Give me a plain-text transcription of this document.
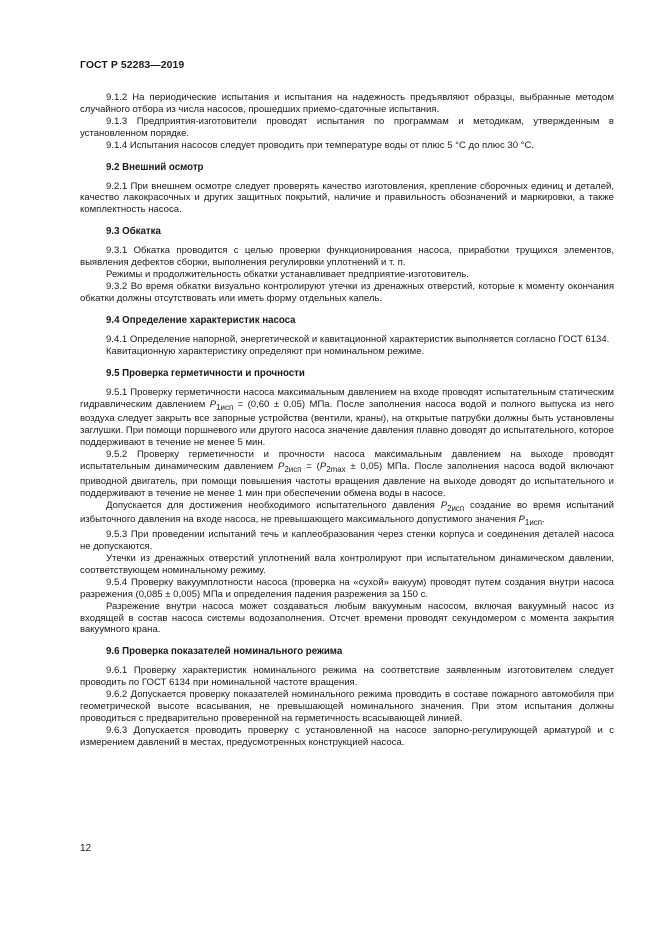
ГОСТ Р 52283—2019

9.1.2 На периодические испытания и испытания на надежность предъявляют образцы, выбранные методом случайного отбора из числа насосов, прошедших приемо-сдаточные испытания.

9.1.3 Предприятия-изготовители проводят испытания по программам и методикам, утвержденным в установленном порядке.

9.1.4 Испытания насосов следует проводить при температуре воды от плюс 5 °С до плюс 30 °С.

9.2 Внешний осмотр

9.2.1 При внешнем осмотре следует проверять качество изготовления, крепление сборочных единиц и деталей, качество лакокрасочных и других защитных покрытий, наличие и правильность обозначений и маркировки, а также комплектность насоса.

9.3 Обкатка

9.3.1 Обкатка проводится с целью проверки функционирования насоса, приработки трущихся элементов, выявления дефектов сборки, выполнения регулировки уплотнений и т. п.

Режимы и продолжительность обкатки устанавливает предприятие-изготовитель.

9.3.2 Во время обкатки визуально контролируют утечки из дренажных отверстий, которые к моменту окончания обкатки должны отсутствовать или иметь форму отдельных капель.

9.4 Определение характеристик насоса

9.4.1 Определение напорной, энергетической и кавитационной характеристик выполняется согласно ГОСТ 6134.

Кавитационную характеристику определяют при номинальном режиме.

9.5 Проверка герметичности и прочности

9.5.1 Проверку герметичности насоса максимальным давлением на входе проводят испытательным статическим гидравлическим давлением $P_{1исп} = (0,60 \pm 0,05)$ МПа. После заполнения насоса водой и полного выпуска из него воздуха следует закрыть все запорные устройства (вентили, краны), на открытые патрубки должны быть установлены заглушки. При помощи поршневого или другого насоса значение давления плавно доводят до испытательного, которое поддерживают в течение не менее 5 мин.

9.5.2 Проверку герметичности и прочности насоса максимальным давлением на выходе проводят испытательным динамическим давлением $P_{2исп} = (P_{2max} \pm 0,05)$ МПа. После заполнения насоса водой включают приводной двигатель, при помощи повышения частоты вращения давление на выходе доводят до испытательного и поддерживают в течение не менее 1 мин при обеспечении обмена воды в насосе.

Допускается для достижения необходимого испытательного давления $P_{2исп}$ создание во время испытаний избыточного давления на входе насоса, не превышающего максимального допустимого значения $P_{1исп}$.

9.5.3 При проведении испытаний течь и каплеобразования через стенки корпуса и соединения деталей насоса не допускаются.

Утечки из дренажных отверстий уплотнений вала контролируют при испытательном динамическом давлении, соответствующем номинальному режиму.

9.5.4 Проверку вакуумплотности насоса (проверка на «сухой» вакуум) проводят путем создания внутри насоса разрежения (0,085 ± 0,005) МПа и определения падения разрежения за 150 с.

Разрежение внутри насоса может создаваться любым вакуумным насосом, включая вакуумный насос из входящей в состав насоса системы водозаполнения. Отсчет времени проводят секундомером с момента закрытия вакуумного крана.

9.6 Проверка показателей номинального режима

9.6.1 Проверку характеристик номинального режима на соответствие заявленным изготовителем следует проводить по ГОСТ 6134 при номинальной частоте вращения.

9.6.2 Допускается проверку показателей номинального режима проводить в составе пожарного автомобиля при геометрической высоте всасывания, не превышающей номинального значения. При этом испытания должны проводиться с предварительно проверенной на герметичность всасывающей линией.

9.6.3 Допускается проводить проверку с установленной на насосе запорно-регулирующей арматурой и с измерением давлений в местах, предусмотренных конструкцией насоса.

12
